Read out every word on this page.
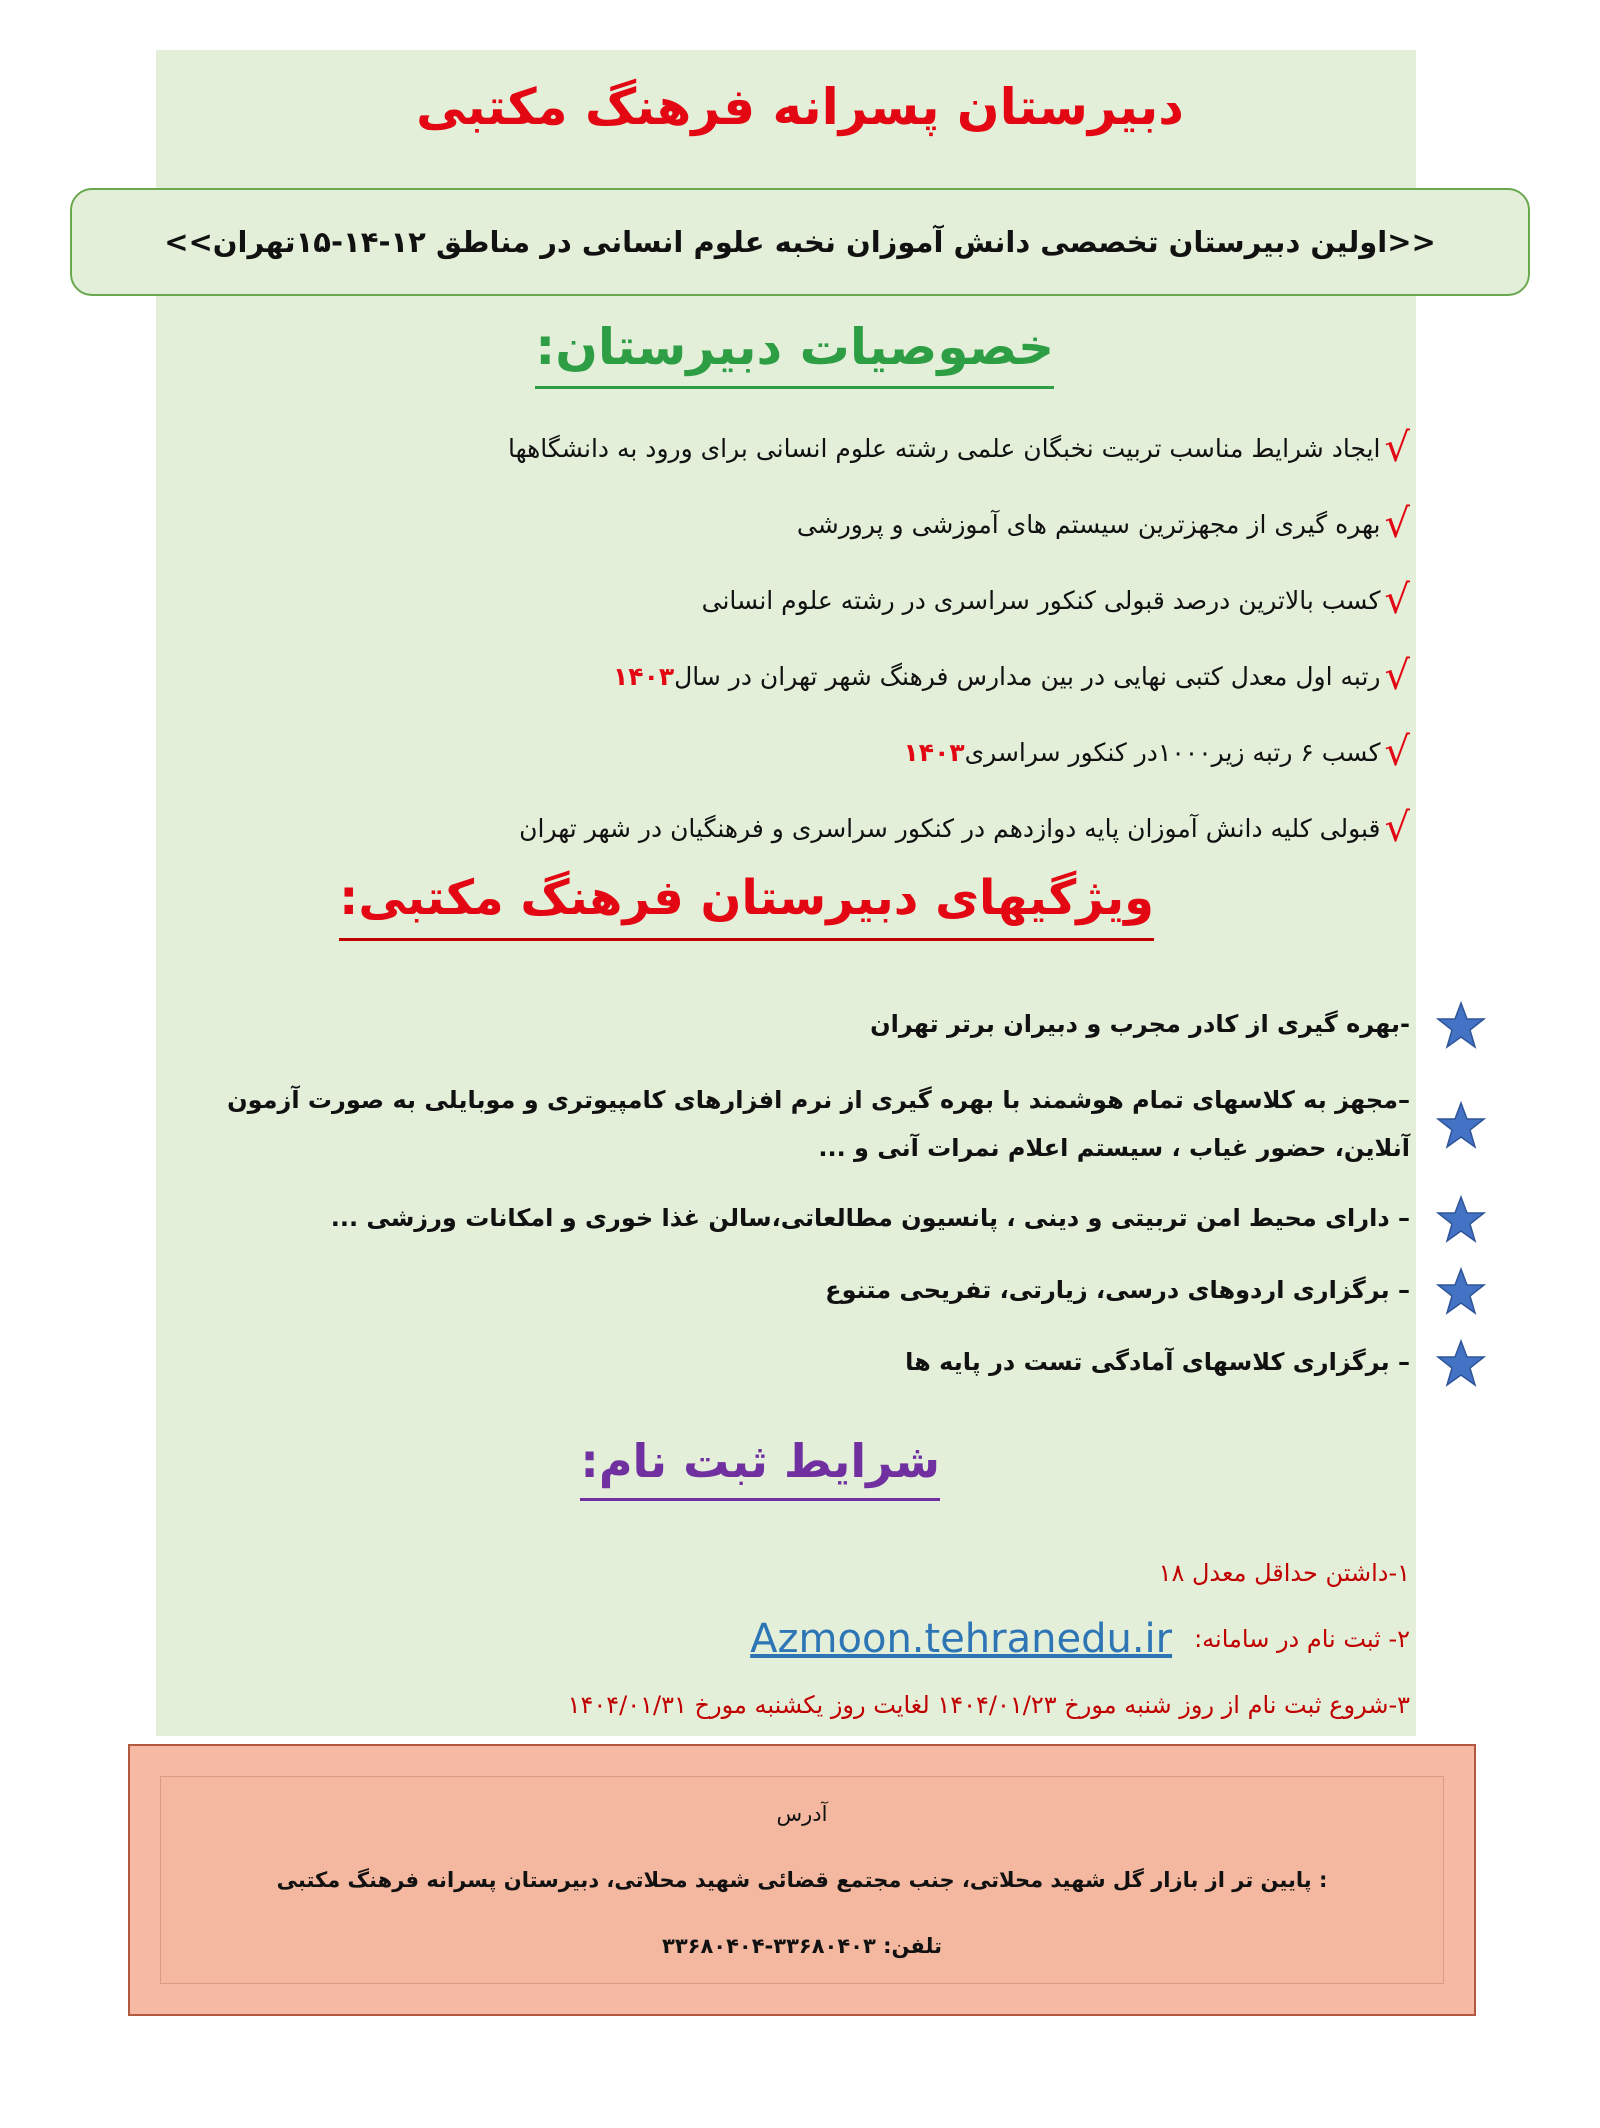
دبیرستان پسرانه فرهنگ مکتبی
<<اولین دبیرستان تخصصی دانش آموزان نخبه علوم انسانی در مناطق ۱۲-۱۴-۱۵تهران>>
خصوصیات دبیرستان:
√
ایجاد شرایط مناسب تربیت نخبگان علمی رشته علوم انسانی برای ورود به دانشگاهها
√
بهره گیری از مجهزترین سیستم های آموزشی و پرورشی
√
کسب بالاترین درصد قبولی کنکور سراسری در رشته علوم انسانی
√
رتبه اول معدل کتبی نهایی در بین مدارس فرهنگ شهر تهران در سال
۱۴۰۳
√
کسب ۶ رتبه زیر۱۰۰۰در کنکور سراسری
۱۴۰۳
√
قبولی کلیه دانش آموزان پایه دوازدهم در کنکور سراسری و فرهنگیان در شهر تهران
ویژگیهای دبیرستان فرهنگ مکتبی:
-بهره گیری از کادر مجرب و دبیران برتر تهران
–مجهز به کلاسهای تمام هوشمند با بهره گیری از نرم افزارهای کامپیوتری و موبایلی به صورت آزمون آنلاین، حضور غیاب ، سیستم اعلام نمرات آنی و ...
– دارای محیط امن تربیتی و دینی ، پانسیون مطالعاتی،سالن غذا خوری و امکانات ورزشی ...
– برگزاری اردوهای درسی، زیارتی، تفریحی متنوع
– برگزاری کلاسهای آمادگی تست در پایه ها
شرایط ثبت نام:
۱-داشتن حداقل معدل ۱۸
۲- ثبت نام در سامانه:
Azmoon.tehranedu.ir
۳-شروع ثبت نام از روز شنبه مورخ ۱۴۰۴/۰۱/۲۳ لغایت روز یکشنبه مورخ ۱۴۰۴/۰۱/۳۱
آدرس
: پایین تر از بازار گل شهید محلاتی، جنب مجتمع قضائی شهید محلاتی، دبیرستان پسرانه فرهنگ مکتبی
تلفن: ۳۳۶۸۰۴۰۳-۳۳۶۸۰۴۰۴
